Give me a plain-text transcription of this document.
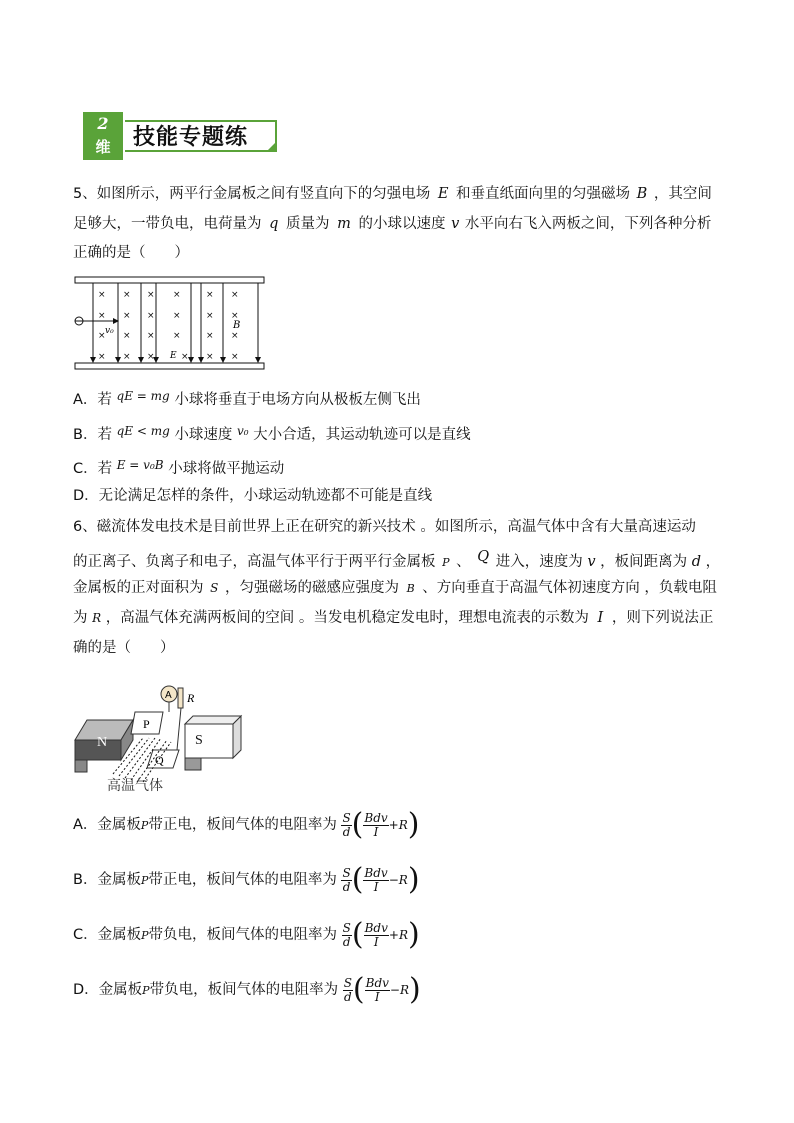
2
维	技能专题练
5、如图所示，两平行金属板之间有竖直向下的匀强电场 E 和垂直纸面向里的匀强磁场 B ，其空间
足够大，一带负电，电荷量为 q 质量为 m 的小球以速度 v 水平向右飞入两板之间，下列各种分析
正确的是（　　）
× × × ×	× ×
× × × ×	× ×
× × × ×	× ×
× × ×	× × ×
v₀	B
E
A．若 $^{qE = mg}$ 小球将垂直于电场方向从极板左侧飞出
B．若 $^{qE < mg}$ 小球速度 $^{v_0}$ 大小合适，其运动轨迹可以是直线
C．若 $^{E = v_0B}$ 小球将做平抛运动
D．无论满足怎样的条件，小球运动轨迹都不可能是直线
6、磁流体发电技术是目前世界上正在研究的新兴技术 。如图所示，高温气体中含有大量高速运动
的正离子、负离子和电子，高温气体平行于两平行金属板 P 、 Q 进入，速度为 v ，板间距离为 d ，
金属板的正对面积为 S ，匀强磁场的磁感应强度为 B 、方向垂直于高温气体初速度方向 ，负载电阻
为 R ，高温气体充满两板间的空间 。当发电机稳定发电时，理想电流表的示数为 I ，则下列说法正
确的是（　　）
N	S
P
Q
A R
高温气体
A．金属板P带正电，板间气体的电阻率为 $\frac{S}{d}$ ( $\frac{\text{Bdv}}{I} +R$)
B．金属板P带正电，板间气体的电阻率为 $\frac{S}{d}$ ( $\frac{\text{Bdv}}{I} -R$)
C．金属板P带负电，板间气体的电阻率为 $\frac{S}{d}$ ( $\frac{\text{Bdv}}{I} +R$)
D．金属板P带负电，板间气体的电阻率为 $\frac{S}{d}$ ( $\frac{\text{Bdv}}{I} -R$)
